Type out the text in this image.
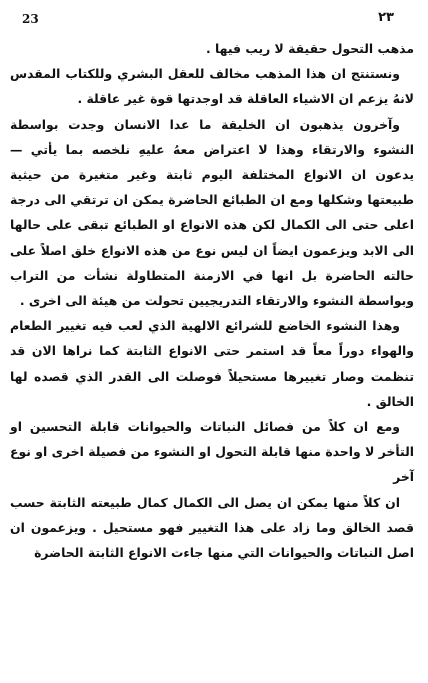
23	٢٣

مذهب التحول حقيقة لا ريب فيها .

ونستنتج ان هذا المذهب مخالف للعقل البشري وللكتاب المقدس لانهُ يزعم ان الاشياء العاقلة قد اوجدتها قوة غير عاقلة .

وآخرون يذهبون ان الخليقة ما عدا الانسان وجدت بواسطة النشوء والارتقاء وهذا لا اعتراض معهُ عليهِ نلخصه بما يأتي — يدعون ان الانواع المختلفة اليوم ثابتة وغير متغيرة من حيثية طبيعتها وشكلها ومع ان الطبائع الحاضرة يمكن ان ترتقي الى درجة اعلى حتى الى الكمال لكن هذه الانواع او الطبائع تبقى على حالها الى الابد ويزعمون ايضاً ان ليس نوع من هذه الانواع خلق اصلاً على حالته الحاضرة بل انها في الازمنة المتطاولة نشأت من التراب وبواسطة النشوء والارتقاء التدريجيين تحولت من هيئة الى اخرى .

وهذا النشوء الخاضع للشرائع الالهية الذي لعب فيه تغيير الطعام والهواء دوراً معاً قد استمر حتى الانواع الثابتة كما نراها الان قد تنظمت وصار تغييرها مستحيلاً فوصلت الى القدر الذي قصده لها الخالق .

ومع ان كلاً من فصائل النباتات والحيوانات قابلة التحسين او التأخر لا واحدة منها قابلة التحول او النشوء من فصيلة اخرى او نوع آخر

ان كلاً منها يمكن ان يصل الى الكمال كمال طبيعته الثابتة حسب قصد الخالق وما زاد على هذا التغيير فهو مستحيل . ويزعمون ان اصل النباتات والحيوانات التي منها جاءت الانواع الثابتة الحاضرة
